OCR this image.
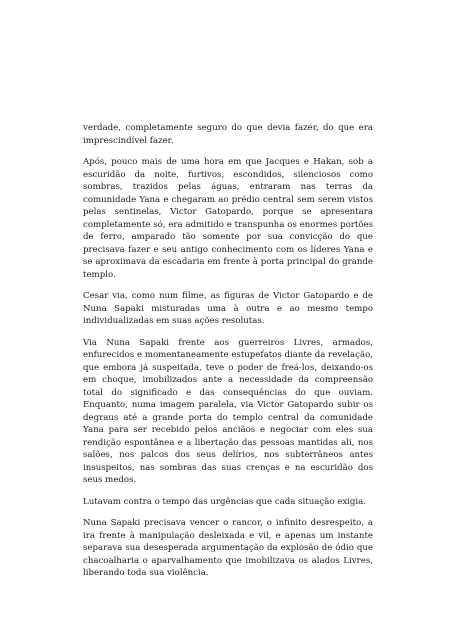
verdade, completamente seguro do que devia fazer, do que era imprescindível fazer.

Após, pouco mais de uma hora em que Jacques e Hakan, sob a escuridão da noite, furtivos, escondidos, silenciosos como sombras, trazidos pelas águas, entraram nas terras da comunidade Yana e chegaram ao prédio central sem serem vistos pelas sentinelas, Victor Gatopardo, porque se apresentara completamente só, era admitido e transpunha os enormes portões de ferro, amparado tão somente por sua convicção do que precisava fazer e seu antigo conhecimento com os líderes Yana e se aproximava da escadaria em frente à porta principal do grande templo.

Cesar via, como num filme, as figuras de Victor Gatopardo e de Nuna Sapaki misturadas uma à outra e ao mesmo tempo individualizadas em suas ações resolutas.

Via Nuna Sapaki frente aos guerreiros Livres, armados, enfurecidos e momentaneamente estupefatos diante da revelação, que embora já suspeitada, teve o poder de freá-los, deixando-os em choque, imobilizados ante a necessidade da compreensão total do significado e das consequências do que ouviam. Enquanto, numa imagem paralela, via Victor Gatopardo subir os degraus até a grande porta do templo central da comunidade Yana para ser recebido pelos anciãos e negociar com eles sua rendição espontânea e a libertação das pessoas mantidas ali, nos salões, nos palcos dos seus delírios, nos subterrâneos antes insuspeitos, nas sombras das suas crenças e na escuridão dos seus medos.

Lutavam contra o tempo das urgências que cada situação exigia.

Nuna Sapaki precisava vencer o rancor, o infinito desrespeito, a ira frente à manipulação desleixada e vil, e apenas um instante separava sua desesperada argumentação da explosão de ódio que chacoalharia o aparvalhamento que imobilizava os alados Livres, liberando toda sua violência.
